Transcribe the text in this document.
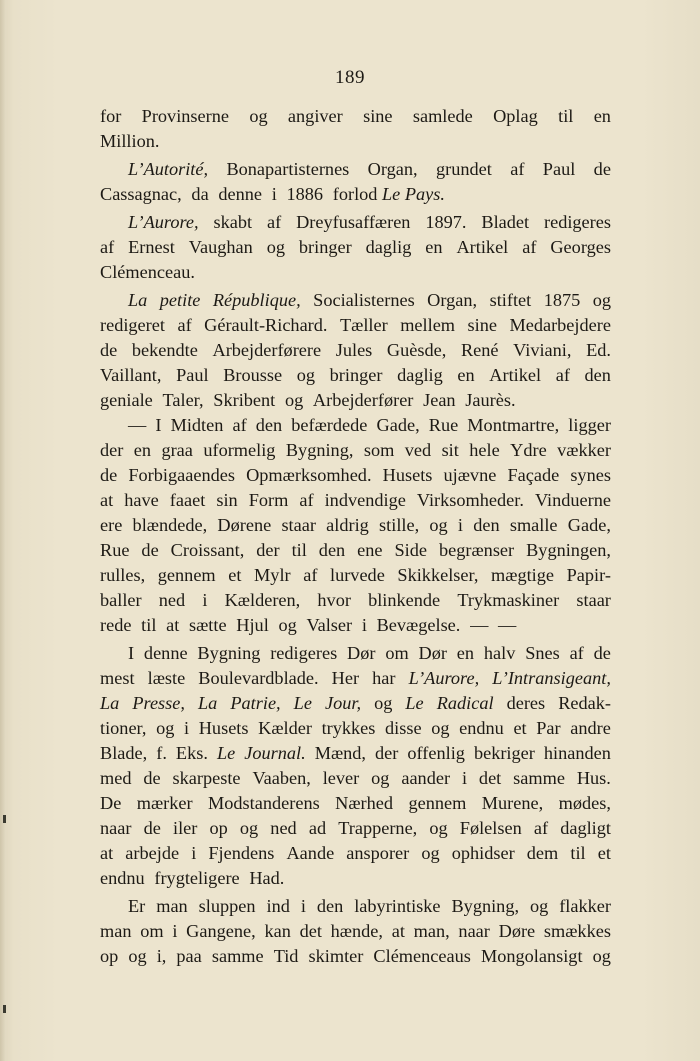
189
for Provinserne og angiver sine samlede Oplag til en
Million.
L’Autorité, Bonapartisternes Organ, grundet af Paul de
Cassagnac, da denne i 1886 forlod Le Pays.
L’Aurore, skabt af Dreyfusaffæren 1897. Bladet redigeres
af Ernest Vaughan og bringer daglig en Artikel af Georges
Clémenceau.
La petite République, Socialisternes Organ, stiftet 1875 og
redigeret af Gérault-Richard. Tæller mellem sine Medarbejdere
de bekendte Arbejderførere Jules Guèsde, René Viviani, Ed.
Vaillant, Paul Brousse og bringer daglig en Artikel af den
geniale Taler, Skribent og Arbejderfører Jean Jaurès.
— I Midten af den befærdede Gade, Rue Montmartre, ligger
der en graa uformelig Bygning, som ved sit hele Ydre vækker
de Forbigaaendes Opmærksomhed. Husets ujævne Façade synes
at have faaet sin Form af indvendige Virksomheder. Vinduerne
ere blændede, Dørene staar aldrig stille, og i den smalle Gade,
Rue de Croissant, der til den ene Side begrænser Bygningen,
rulles, gennem et Mylr af lurvede Skikkelser, mægtige Papir-
baller ned i Kælderen, hvor blinkende Trykmaskiner staar
rede til at sætte Hjul og Valser i Bevægelse. — —
I denne Bygning redigeres Dør om Dør en halv Snes af de
mest læste Boulevardblade. Her har L’Aurore, L’Intransigeant,
La Presse, La Patrie, Le Jour, og Le Radical deres Redak-
tioner, og i Husets Kælder trykkes disse og endnu et Par andre
Blade, f. Eks. Le Journal. Mænd, der offenlig bekriger hinanden
med de skarpeste Vaaben, lever og aander i det samme Hus.
De mærker Modstanderens Nærhed gennem Murene, mødes,
naar de iler op og ned ad Trapperne, og Følelsen af dagligt
at arbejde i Fjendens Aande ansporer og ophidser dem til et
endnu frygteligere Had.
Er man sluppen ind i den labyrintiske Bygning, og flakker
man om i Gangene, kan det hænde, at man, naar Døre smækkes
op og i, paa samme Tid skimter Clémenceaus Mongolansigt og
